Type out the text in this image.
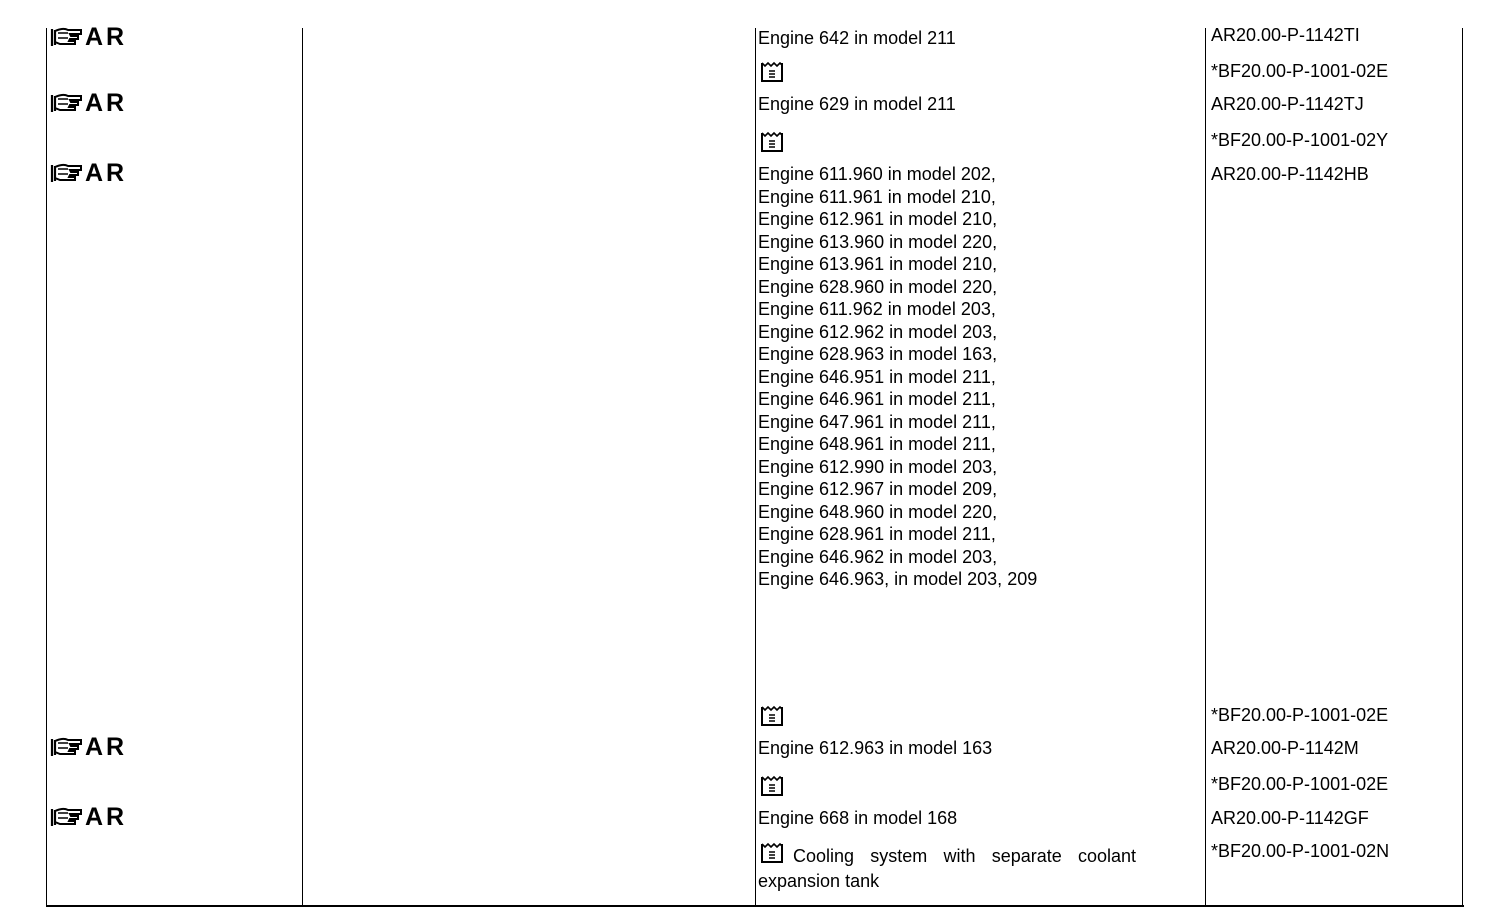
AR	Engine 642 in model 211	AR20.00-P-1142TI
*BF20.00-P-1001-02E
AR	Engine 629 in model 211	AR20.00-P-1142TJ
*BF20.00-P-1001-02Y
AR	Engine 611.960 in model 202,
Engine 611.961 in model 210,
Engine 612.961 in model 210,
Engine 613.960 in model 220,
Engine 613.961 in model 210,
Engine 628.960 in model 220,
Engine 611.962 in model 203,
Engine 612.962 in model 203,
Engine 628.963 in model 163,
Engine 646.951 in model 211,
Engine 646.961 in model 211,
Engine 647.961 in model 211,
Engine 648.961 in model 211,
Engine 612.990 in model 203,
Engine 612.967 in model 209,
Engine 648.960 in model 220,
Engine 628.961 in model 211,
Engine 646.962 in model 203,
Engine 646.963, in model 203, 209
AR20.00-P-1142HB
*BF20.00-P-1001-02E
AR	Engine 612.963 in model 163	AR20.00-P-1142M
*BF20.00-P-1001-02E
AR	Engine 668 in model 168	AR20.00-P-1142GF
Cooling system with separate coolant expansion tank
*BF20.00-P-1001-02N
